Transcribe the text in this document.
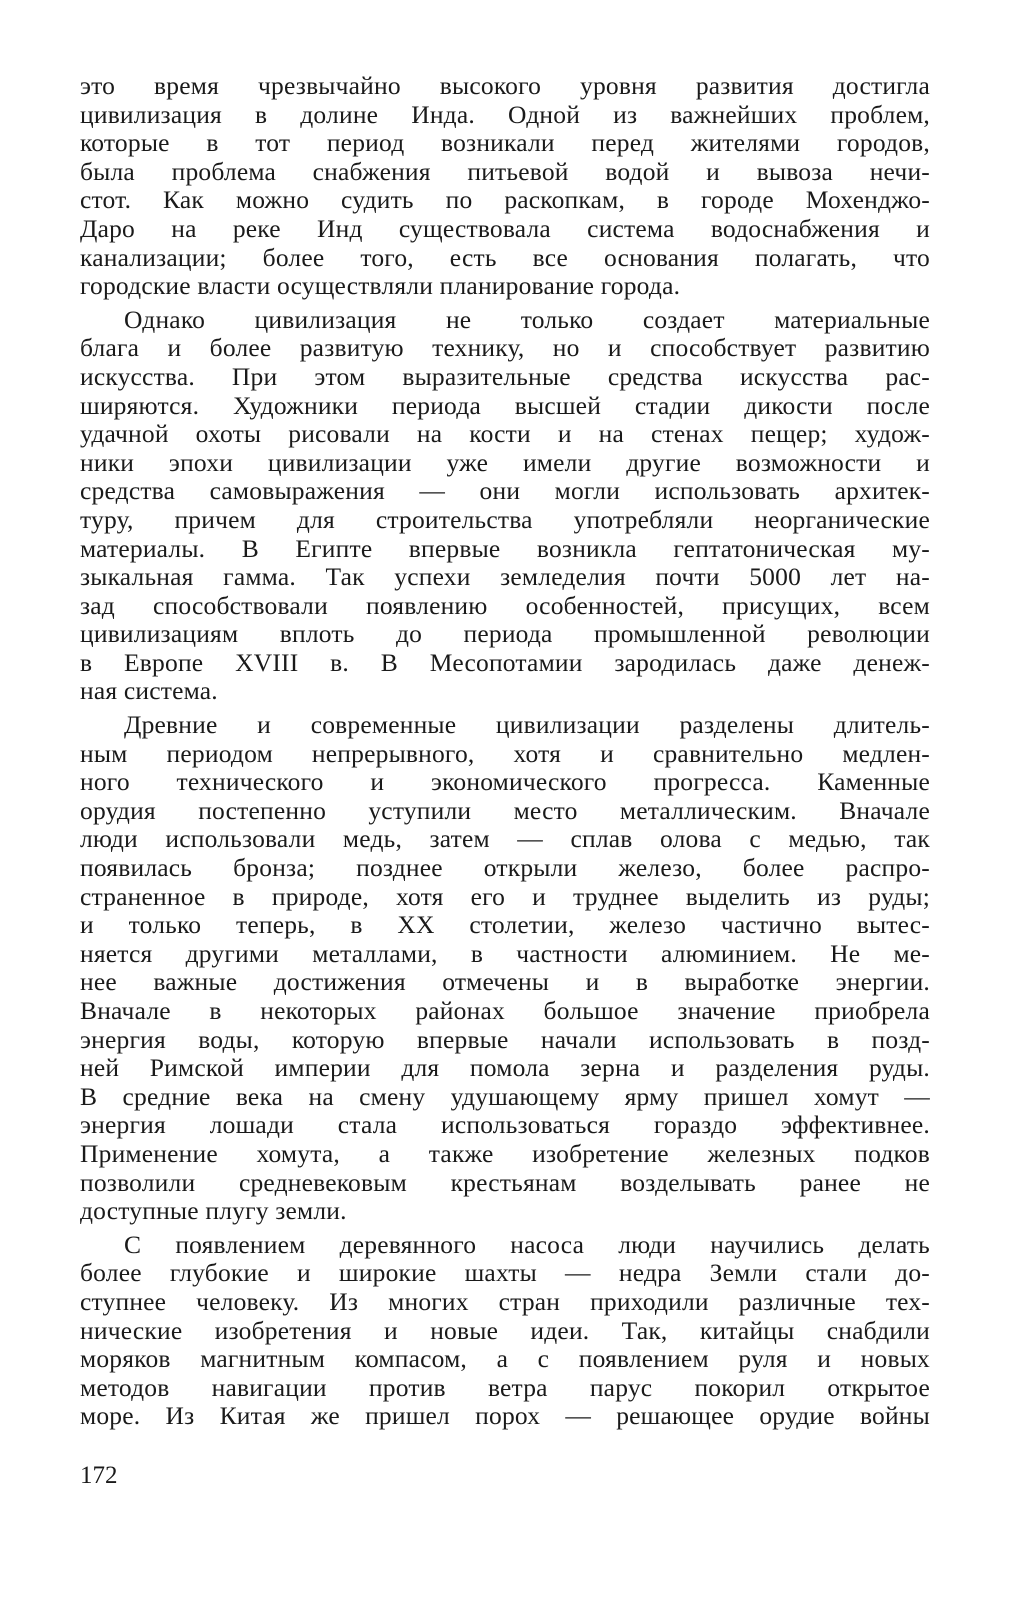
это время чрезвычайно высокого уровня развития достигла
цивилизация в долине Инда. Одной из важнейших проблем,
которые в тот период возникали перед жителями городов,
была проблема снабжения питьевой водой и вывоза нечи-
стот. Как можно судить по раскопкам, в городе Мохенджо-
Даро на реке Инд существовала система водоснабжения и
канализации; более того, есть все основания полагать, что
городские власти осуществляли планирование города.
Однако цивилизация не только создает материальные
блага и более развитую технику, но и способствует развитию
искусства. При этом выразительные средства искусства рас-
ширяются. Художники периода высшей стадии дикости после
удачной охоты рисовали на кости и на стенах пещер; худож-
ники эпохи цивилизации уже имели другие возможности и
средства самовыражения — они могли использовать архитек-
туру, причем для строительства употребляли неорганические
материалы. В Египте впервые возникла гептатоническая му-
зыкальная гамма. Так успехи земледелия почти 5000 лет на-
зад способствовали появлению особенностей, присущих, всем
цивилизациям вплоть до периода промышленной революции
в Европе XVIII в. В Месопотамии зародилась даже денеж-
ная система.
Древние и современные цивилизации разделены длитель-
ным периодом непрерывного, хотя и сравнительно медлен-
ного технического и экономического прогресса. Каменные
орудия постепенно уступили место металлическим. Вначале
люди использовали медь, затем — сплав олова с медью, так
появилась бронза; позднее открыли железо, более распро-
страненное в природе, хотя его и труднее выделить из руды;
и только теперь, в XX столетии, железо частично вытес-
няется другими металлами, в частности алюминием. Не ме-
нее важные достижения отмечены и в выработке энергии.
Вначале в некоторых районах большое значение приобрела
энергия воды, которую впервые начали использовать в позд-
ней Римской империи для помола зерна и разделения руды.
В средние века на смену удушающему ярму пришел хомут —
энергия лошади стала использоваться гораздо эффективнее.
Применение хомута, а также изобретение железных подков
позволили средневековым крестьянам возделывать ранее не
доступные плугу земли.
С появлением деревянного насоса люди научились делать
более глубокие и широкие шахты — недра Земли стали до-
ступнее человеку. Из многих стран приходили различные тех-
нические изобретения и новые идеи. Так, китайцы снабдили
моряков магнитным компасом, а с появлением руля и новых
методов навигации против ветра парус покорил открытое
море. Из Китая же пришел порох — решающее орудие войны
172
